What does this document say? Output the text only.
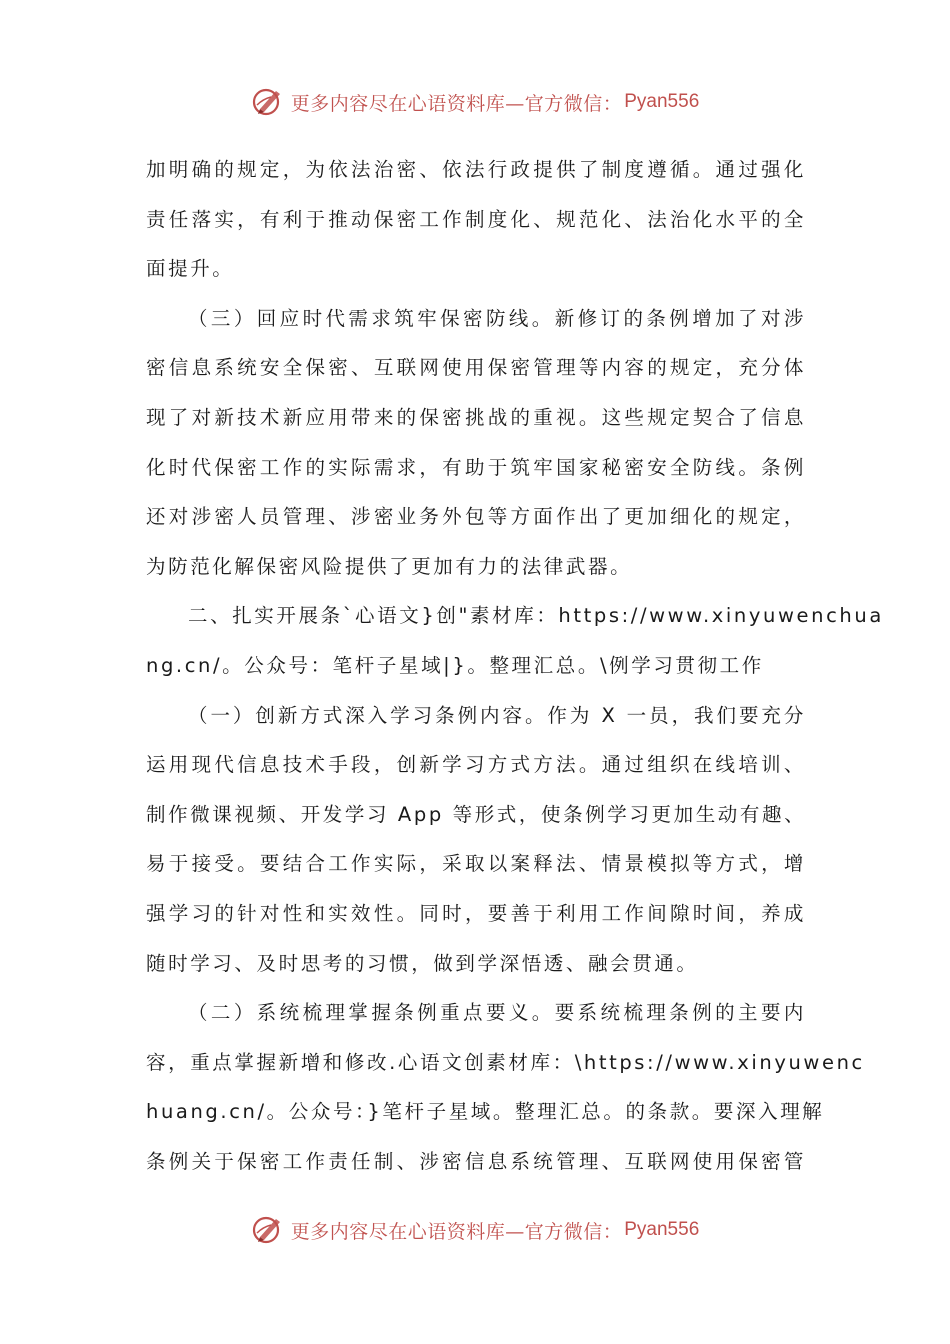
更多内容尽在心语资料库—官方微信： Pyan556
加明确的规定，为依法治密、依法行政提供了制度遵循。通过强化
责任落实，有利于推动保密工作制度化、规范化、法治化水平的全
面提升。
（三）回应时代需求筑牢保密防线。新修订的条例增加了对涉
密信息系统安全保密、互联网使用保密管理等内容的规定，充分体
现了对新技术新应用带来的保密挑战的重视。这些规定契合了信息
化时代保密工作的实际需求，有助于筑牢国家秘密安全防线。条例
还对涉密人员管理、涉密业务外包等方面作出了更加细化的规定，
为防范化解保密风险提供了更加有力的法律武器。
二、扎实开展条`心语文}创"素材库：https://www.xinyuwenchua
ng.cn/。公众号：笔杆子星域|}。整理汇总。\例学习贯彻工作
（一）创新方式深入学习条例内容。作为 X 一员，我们要充分
运用现代信息技术手段，创新学习方式方法。通过组织在线培训、
制作微课视频、开发学习 App 等形式，使条例学习更加生动有趣、
易于接受。要结合工作实际，采取以案释法、情景模拟等方式，增
强学习的针对性和实效性。同时，要善于利用工作间隙时间，养成
随时学习、及时思考的习惯，做到学深悟透、融会贯通。
（二）系统梳理掌握条例重点要义。要系统梳理条例的主要内
容，重点掌握新增和修改.心语文创素材库：\https://www.xinyuwenc
huang.cn/。公众号：}笔杆子星域。整理汇总。的条款。要深入理解
条例关于保密工作责任制、涉密信息系统管理、互联网使用保密管
更多内容尽在心语资料库—官方微信： Pyan556
